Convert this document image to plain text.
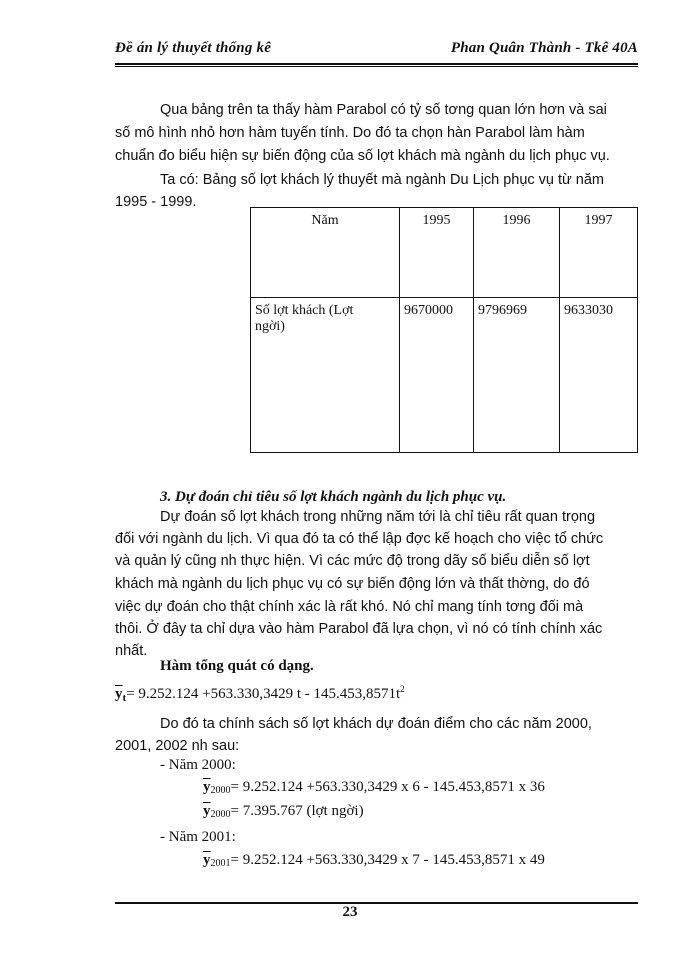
Đề án lý thuyết thống kê	Phan Quân Thành - Tkê 40A
Qua bảng trên ta thấy hàm Parabol có tỷ số tơng quan lớn hơn và sai
số mô hình nhỏ hơn hàm tuyến tính. Do đó ta chọn hàn Parabol làm hàm
chuẩn đo biểu hiện sự biến động của số lợt khách mà ngành du lịch phục vụ.
Ta có: Bảng số lợt khách lý thuyết mà ngành Du Lịch phục vụ từ năm
1995 - 1999.
Năm	1995	1996	1997

Số lợt khách (Lợt
ngời)	9670000	9796969	9633030
3. Dự đoán chỉ tiêu số lợt khách ngành du lịch phục vụ.
Dự đoán số lợt khách trong những năm tới là chỉ tiêu rất quan trọng
đối với ngành du lịch. Vì qua đó ta có thể lập đợc kế hoạch cho việc tổ chức
và quản lý cũng nh thực hiện. Vì các mức độ trong dãy số biểu diễn số lợt
khách mà ngành du lịch phục vụ có sự biến động lớn và thất thờng, do đó
việc dự đoán cho thật chính xác là rất khó. Nó chỉ mang tính tơng đối mà
thôi. Ở đây ta chỉ dựa vào hàm Parabol đã lựa chọn, vì nó có tính chính xác
nhất.
Hàm tổng quát có dạng.
$\overline{y}_t= 9.252.124 +563.330,3429$ t - $145.453,8571t^2$
Do đó ta chính sách số lợt khách dự đoán điểm cho các năm 2000,
2001, 2002 nh sau:
- Năm 2000:
$\overline{y}_{2000}= 9.252.124 +563.330,3429$ x 6 - 145.453,8571 x 36
$\overline{y}_{2000}= 7.395.767$ (lợt ngời)
- Năm 2001:
$\overline{y}_{2001}= 9.252.124 +563.330,3429$ x 7 - 145.453,8571 x 49
23
